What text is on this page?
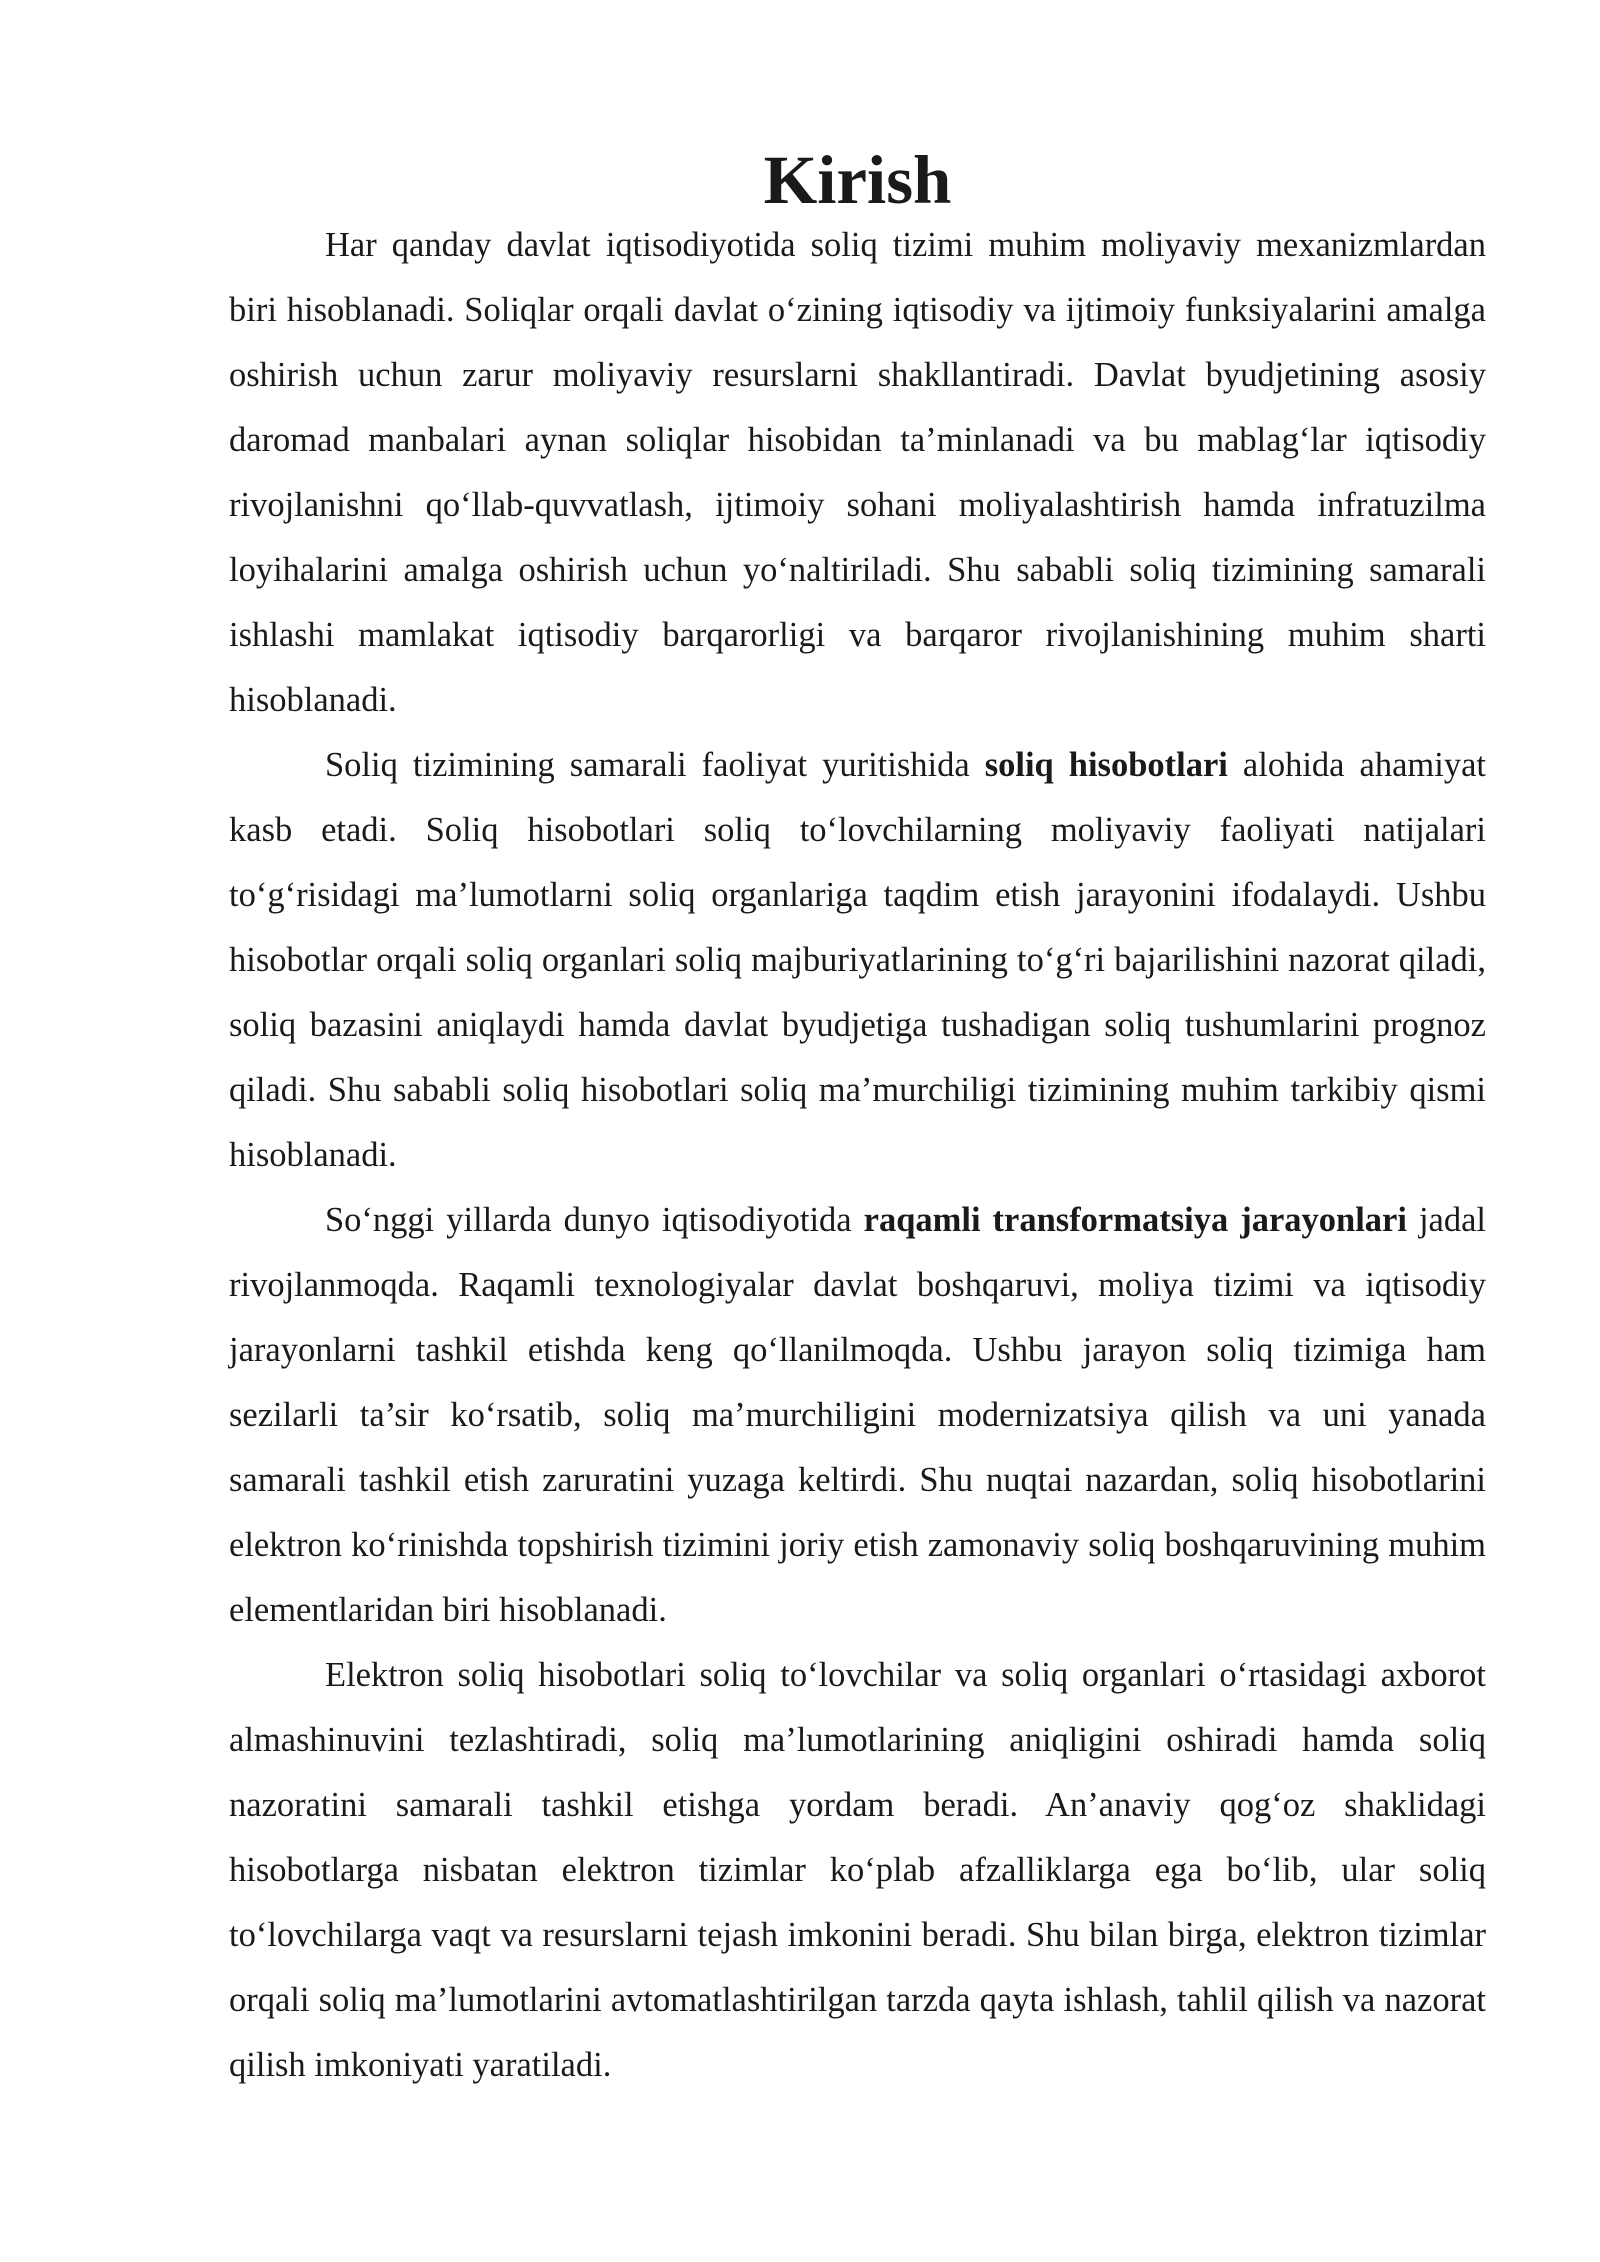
Kirish

Har qanday davlat iqtisodiyotida soliq tizimi muhim moliyaviy mexanizmlardan biri hisoblanadi. Soliqlar orqali davlat o‘zining iqtisodiy va ijtimoiy funksiyalarini amalga oshirish uchun zarur moliyaviy resurslarni shakllantiradi. Davlat byudjetining asosiy daromad manbalari aynan soliqlar hisobidan ta’minlanadi va bu mablag‘lar iqtisodiy rivojlanishni qo‘llab-quvvatlash, ijtimoiy sohani moliyalashtirish hamda infratuzilma loyihalarini amalga oshirish uchun yo‘naltiriladi. Shu sababli soliq tizimining samarali ishlashi mamlakat iqtisodiy barqarorligi va barqaror rivojlanishining muhim sharti hisoblanadi.

Soliq tizimining samarali faoliyat yuritishida soliq hisobotlari alohida ahamiyat kasb etadi. Soliq hisobotlari soliq to‘lovchilarning moliyaviy faoliyati natijalari to‘g‘risidagi ma’lumotlarni soliq organlariga taqdim etish jarayonini ifodalaydi. Ushbu hisobotlar orqali soliq organlari soliq majburiyatlarining to‘g‘ri bajarilishini nazorat qiladi, soliq bazasini aniqlaydi hamda davlat byudjetiga tushadigan soliq tushumlarini prognoz qiladi. Shu sababli soliq hisobotlari soliq ma’murchiligi tizimining muhim tarkibiy qismi hisoblanadi.

So‘nggi yillarda dunyo iqtisodiyotida raqamli transformatsiya jarayonlari jadal rivojlanmoqda. Raqamli texnologiyalar davlat boshqaruvi, moliya tizimi va iqtisodiy jarayonlarni tashkil etishda keng qo‘llanilmoqda. Ushbu jarayon soliq tizimiga ham sezilarli ta’sir ko‘rsatib, soliq ma’murchiligini modernizatsiya qilish va uni yanada samarali tashkil etish zaruratini yuzaga keltirdi. Shu nuqtai nazardan, soliq hisobotlarini elektron ko‘rinishda topshirish tizimini joriy etish zamonaviy soliq boshqaruvining muhim elementlaridan biri hisoblanadi.

Elektron soliq hisobotlari soliq to‘lovchilar va soliq organlari o‘rtasidagi axborot almashinuvini tezlashtiradi, soliq ma’lumotlarining aniqligini oshiradi hamda soliq nazoratini samarali tashkil etishga yordam beradi. An’anaviy qog‘oz shaklidagi hisobotlarga nisbatan elektron tizimlar ko‘plab afzalliklarga ega bo‘lib, ular soliq to‘lovchilarga vaqt va resurslarni tejash imkonini beradi. Shu bilan birga, elektron tizimlar orqali soliq ma’lumotlarini avtomatlashtirilgan tarzda qayta ishlash, tahlil qilish va nazorat qilish imkoniyati yaratiladi.
